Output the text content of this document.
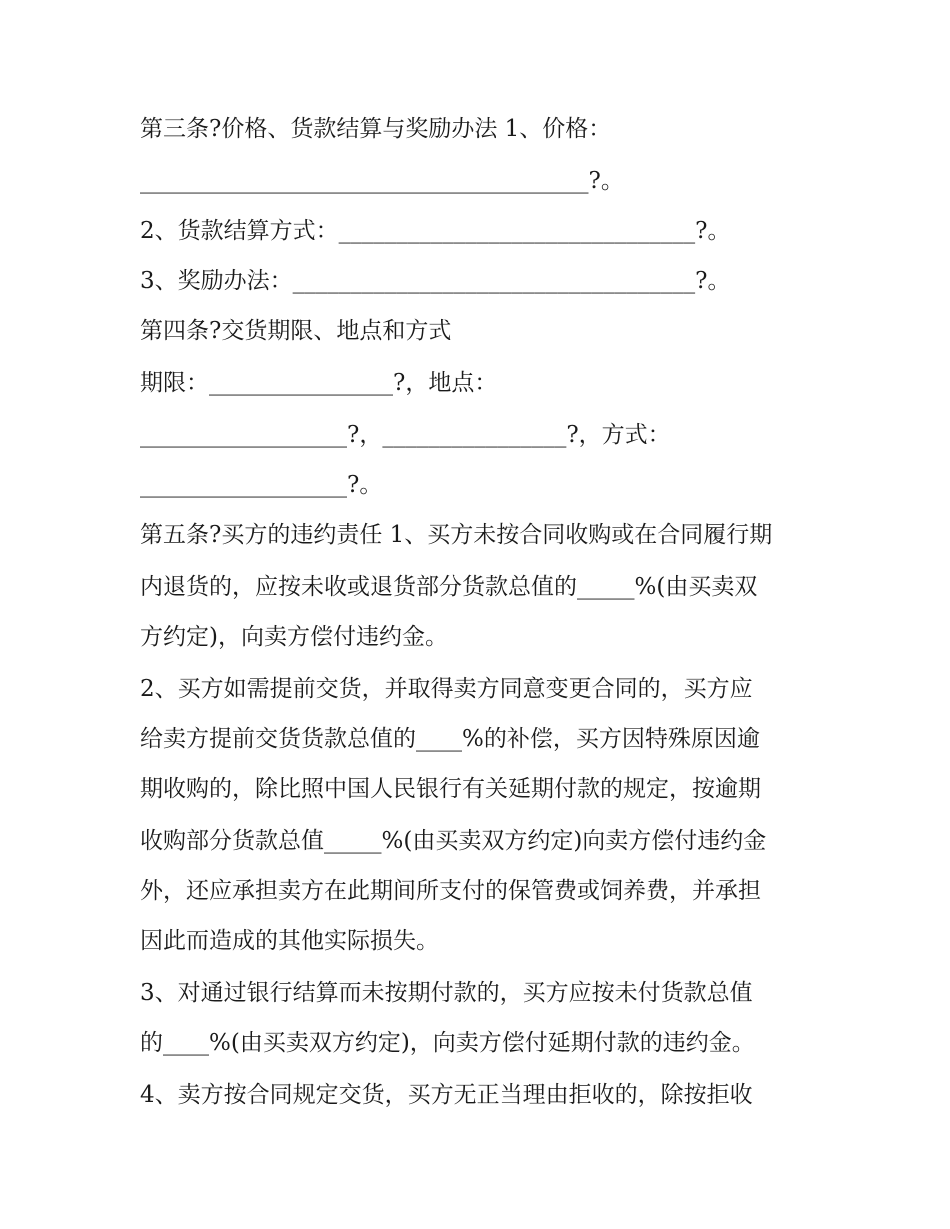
第三条?价格、货款结算与奖励办法 1、价格：

_______________________________________?。

2、货款结算方式：_______________________________?。

3、奖励办法：___________________________________?。

第四条?交货期限、地点和方式

期限：________________?，地点：

__________________?，________________?，方式：

__________________?。

第五条?买方的违约责任 1、买方未按合同收购或在合同履行期

内退货的，应按未收或退货部分货款总值的_____%(由买卖双

方约定)，向卖方偿付违约金。

2、买方如需提前交货，并取得卖方同意变更合同的，买方应

给卖方提前交货货款总值的____%的补偿，买方因特殊原因逾

期收购的，除比照中国人民银行有关延期付款的规定，按逾期

收购部分货款总值_____%(由买卖双方约定)向卖方偿付违约金

外，还应承担卖方在此期间所支付的保管费或饲养费，并承担

因此而造成的其他实际损失。

3、对通过银行结算而未按期付款的，买方应按未付货款总值

的____%(由买卖双方约定)，向卖方偿付延期付款的违约金。

4、卖方按合同规定交货，买方无正当理由拒收的，除按拒收
